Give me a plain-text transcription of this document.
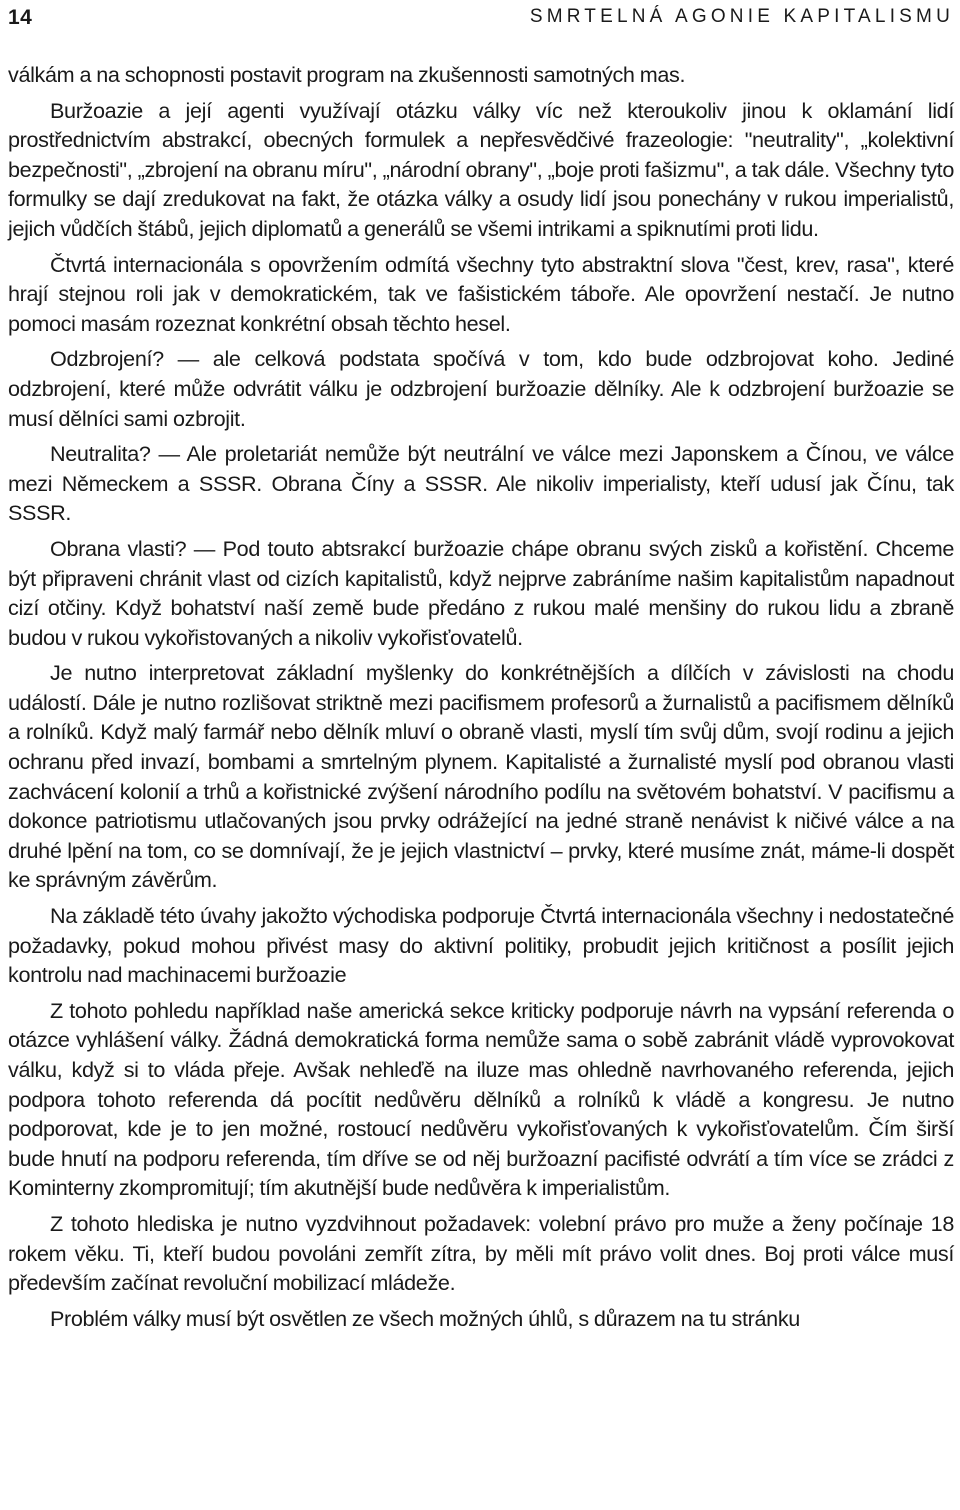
14	SMRTELNÁ AGONIE KAPITALISMU

válkám a na schopnosti postavit program na zkušennosti samotných mas.

Buržoazie a její agenti využívají otázku války víc než kteroukoliv jinou k oklamání lidí prostřednictvím abstrakcí, obecných formulek a nepřesvědčivé frazeologie: "neutrality", „kolektivní bezpečnosti", „zbrojení na obranu míru", „národní obrany", „boje proti fašizmu", a tak dále. Všechny tyto formulky se dají zredukovat na fakt, že otázka války a osudy lidí jsou ponechány v rukou imperialistů, jejich vůdčích štábů, jejich diplomatů a generálů se všemi intrikami a spiknutími proti lidu.

Čtvrtá internacionála s opovržením odmítá všechny tyto abstraktní slova "čest, krev, rasa", které hrají stejnou roli jak v demokratickém, tak ve fašistickém táboře. Ale opovržení nestačí. Je nutno pomoci masám rozeznat konkrétní obsah těchto hesel.

Odzbrojení? — ale celková podstata spočívá v tom, kdo bude odzbrojovat koho. Jediné odzbrojení, které může odvrátit válku je odzbrojení buržoazie dělníky. Ale k odzbrojení buržoazie se musí dělníci sami ozbrojit.

Neutralita? — Ale proletariát nemůže být neutrální ve válce mezi Japonskem a Čínou, ve válce mezi Německem a SSSR. Obrana Číny a SSSR. Ale nikoliv imperialisty, kteří udusí jak Čínu, tak SSSR.

Obrana vlasti? — Pod touto abtsrakcí buržoazie chápe obranu svých zisků a kořistění. Chceme být připraveni chránit vlast od cizích kapitalistů, když nejprve zabráníme našim kapitalistům napadnout cizí otčiny. Když bohatství naší země bude předáno z rukou malé menšiny do rukou lidu a zbraně budou v rukou vykořistovaných a nikoliv vykořisťovatelů.

Je nutno interpretovat základní myšlenky do konkrétnějších a dílčích v závislosti na chodu událostí. Dále je nutno rozlišovat striktně mezi pacifismem profesorů a žurnalistů a pacifismem dělníků a rolníků. Když malý farmář nebo dělník mluví o obraně vlasti, myslí tím svůj dům, svojí rodinu a jejich ochranu před invazí, bombami a smrtelným plynem. Kapitalisté a žurnalisté myslí pod obranou vlasti zachvácení kolonií a trhů a kořistnické zvýšení národního podílu na světovém bohatství. V pacifismu a dokonce patriotismu utlačovaných jsou prvky odrážející na jedné straně nenávist k ničivé válce a na druhé lpění na tom, co se domnívají, že je jejich vlastnictví – prvky, které musíme znát, máme-li dospět ke správným závěrům.

Na základě této úvahy jakožto východiska podporuje Čtvrtá internacionála všechny i nedostatečné požadavky, pokud mohou přivést masy do aktivní politiky, probudit jejich kritičnost a posílit jejich kontrolu nad machinacemi buržoazie

Z tohoto pohledu například naše americká sekce kriticky podporuje návrh na vypsání referenda o otázce vyhlášení války. Žádná demokratická forma nemůže sama o sobě zabránit vládě vyprovokovat válku, když si to vláda přeje. Avšak nehleďě na iluze mas ohledně navrhovaného referenda, jejich podpora tohoto referenda dá pocítit nedůvěru dělníků a rolníků k vládě a kongresu. Je nutno podporovat, kde je to jen možné, rostoucí nedůvěru vykořisťovaných k vykořisťovatelům. Čím širší bude hnutí na podporu referenda, tím dříve se od něj buržoazní pacifisté odvrátí a tím více se zrádci z Kominterny zkompromitují; tím akutnější bude nedůvěra k imperialistům.

Z tohoto hlediska je nutno vyzdvihnout požadavek: volební právo pro muže a ženy počínaje 18 rokem věku. Ti, kteří budou povoláni zemřít zítra, by měli mít právo volit dnes. Boj proti válce musí především začínat revoluční mobilizací mládeže.

Problém války musí být osvětlen ze všech možných úhlů, s důrazem na tu stránku
